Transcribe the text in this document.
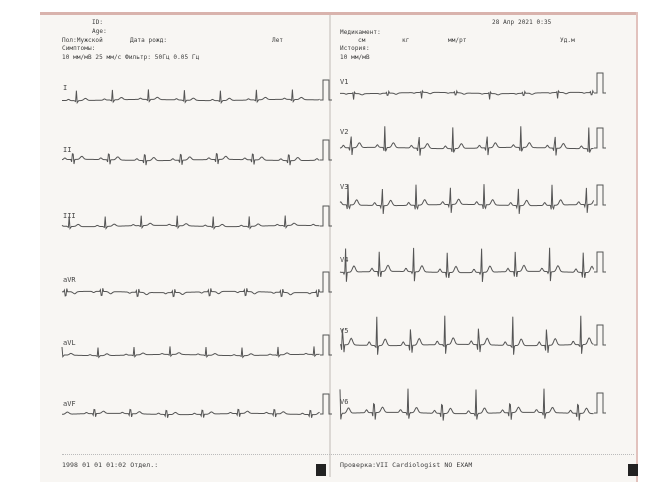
ID:
Age:
Пол:Мужской	Дата рожд:	Лет
Симптомы:
10 мм/мВ 25 мм/с Фильтр: 50Гц 0.05 Гц
28 Апр 2021 0:35
Медикамент:
см	кг	мм/рт	Уд.м
История:
10 мм/мВ
I
II
III
aVR
aVL
aVF
V1
V2
V3
V4
V5
V6
1998 01 01 01:02 Отдел.:	Проверка:VII Cardiologist NO EXAM
